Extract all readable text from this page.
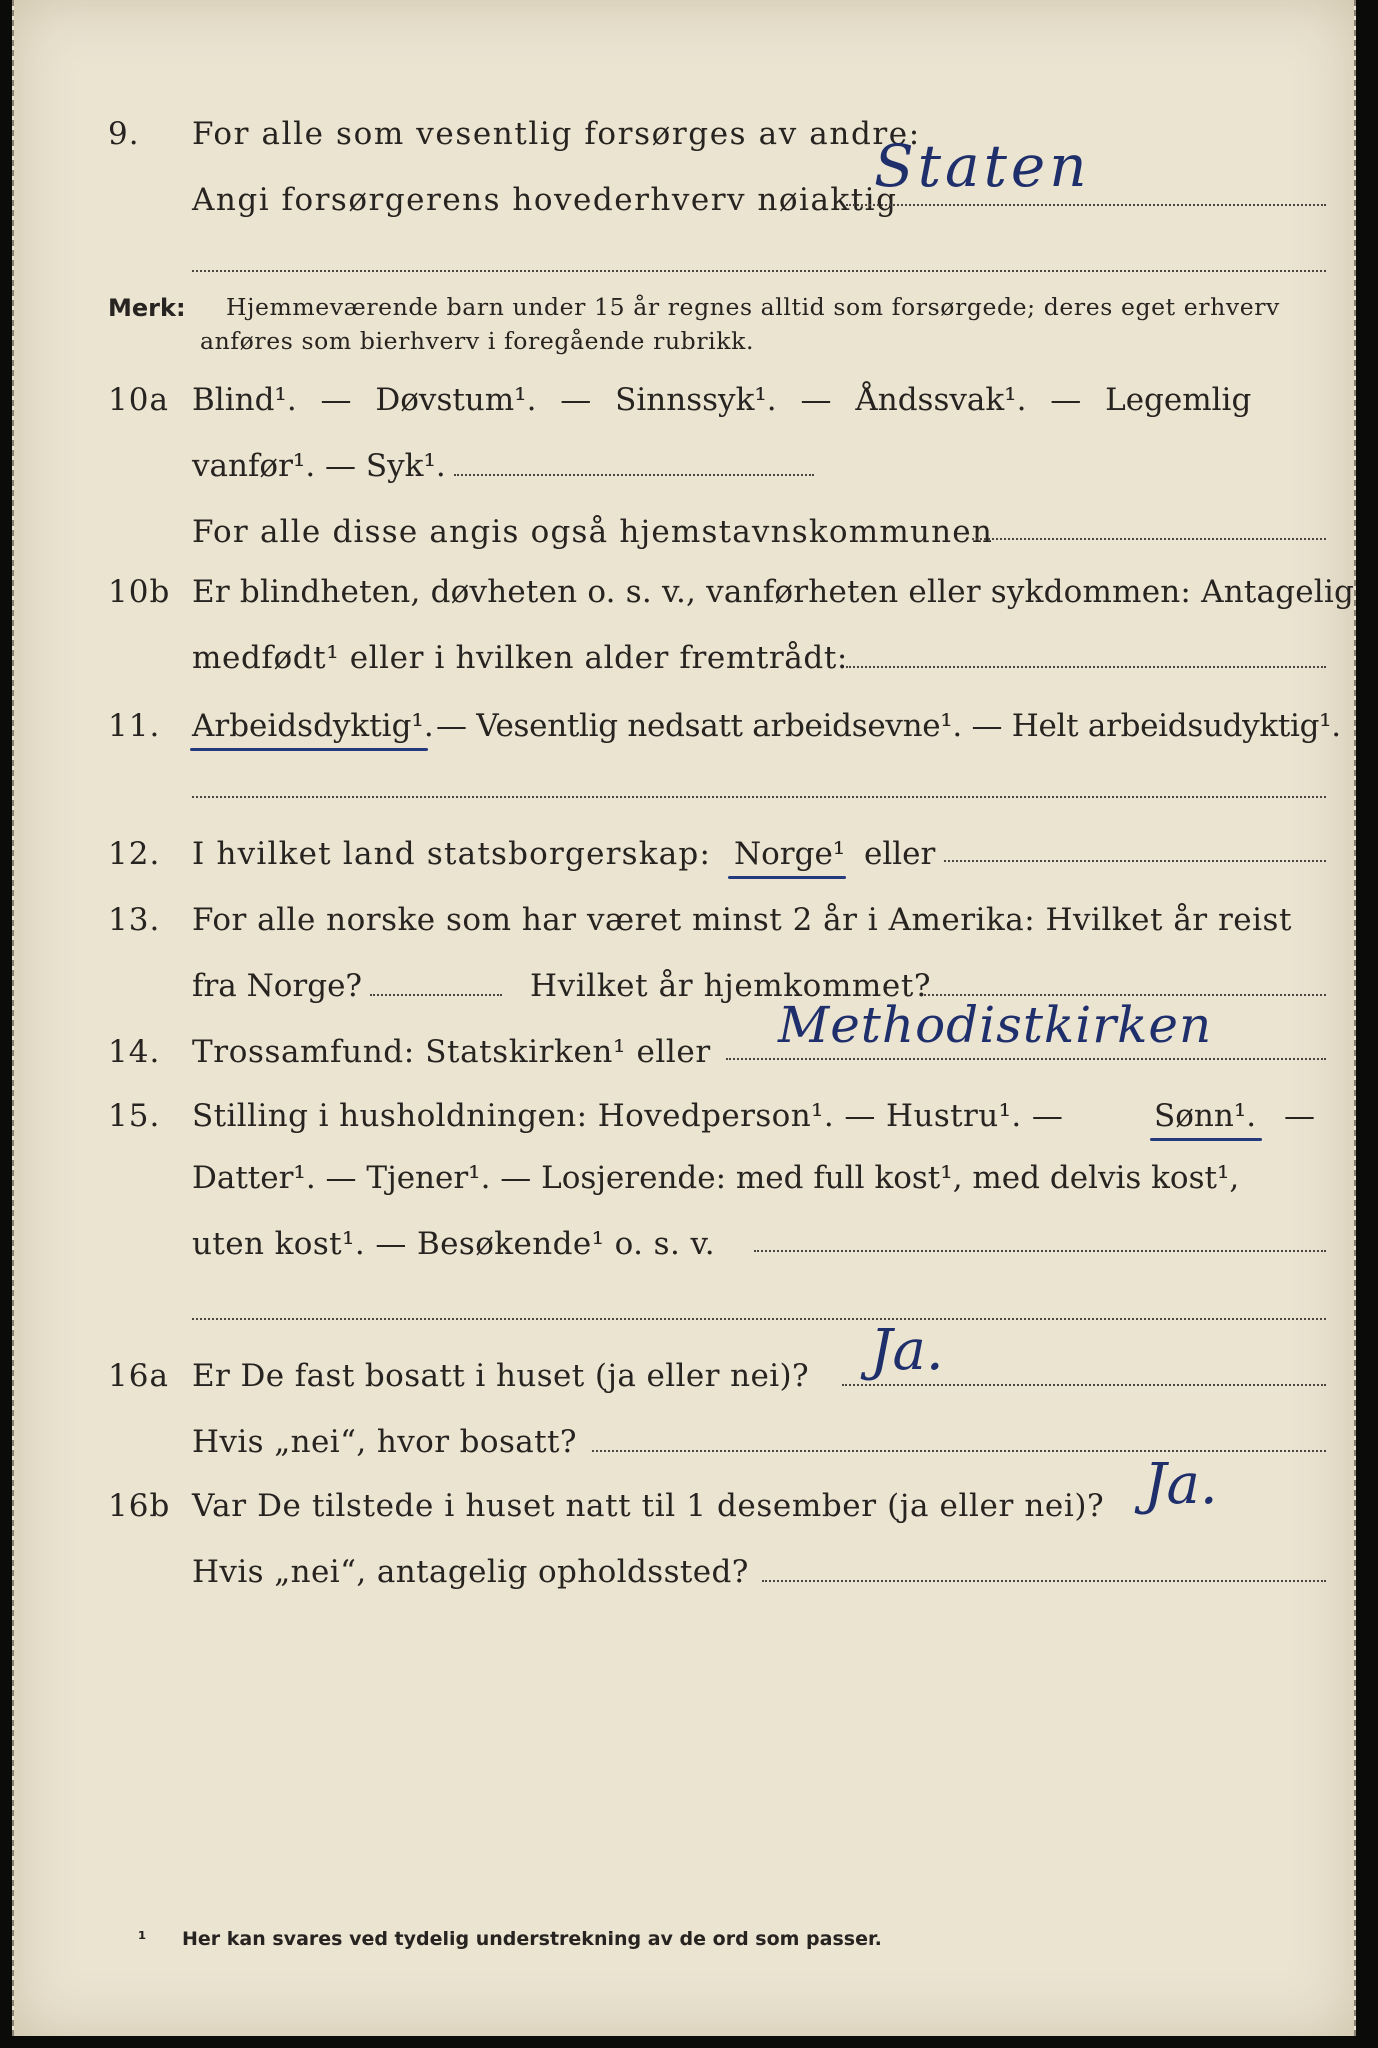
9. For alle som vesentlig forsørges av andre:
Angi forsørgerens hovederhverv nøiaktig
Staten
Merk: Hjemmeværende barn under 15 år regnes alltid som forsørgede; deres eget erhverv
anføres som bierhverv i foregående rubrikk.
10a Blind¹. — Døvstum¹. — Sinnssyk¹. — Åndssvak¹. — Legemlig
vanfør¹. — Syk¹.
For alle disse angis også hjemstavnskommunen
10b Er blindheten, døvheten o. s. v., vanførheten eller sykdommen: Antagelig
medfødt¹ eller i hvilken alder fremtrådt:
11. Arbeidsdyktig¹. — Vesentlig nedsatt arbeidsevne¹. — Helt arbeidsudyktig¹.
12. I hvilket land statsborgerskap: Norge¹ eller
13. For alle norske som har været minst 2 år i Amerika: Hvilket år reist
fra Norge?	Hvilket år hjemkommet?
14. Trossamfund: Statskirken¹ eller Methodistkirken
15. Stilling i husholdningen: Hovedperson¹. — Hustru¹. —	Sønn¹. —
Datter¹. — Tjener¹. — Losjerende: med full kost¹, med delvis kost¹,
uten kost¹. — Besøkende¹ o. s. v.
16a Er De fast bosatt i huset (ja eller nei)? Ja.
Hvis „nei“, hvor bosatt?
16b Var De tilstede i huset natt til 1 desember (ja eller nei)? Ja.
Hvis „nei“, antagelig opholdssted?
¹ Her kan svares ved tydelig understrekning av de ord som passer.
